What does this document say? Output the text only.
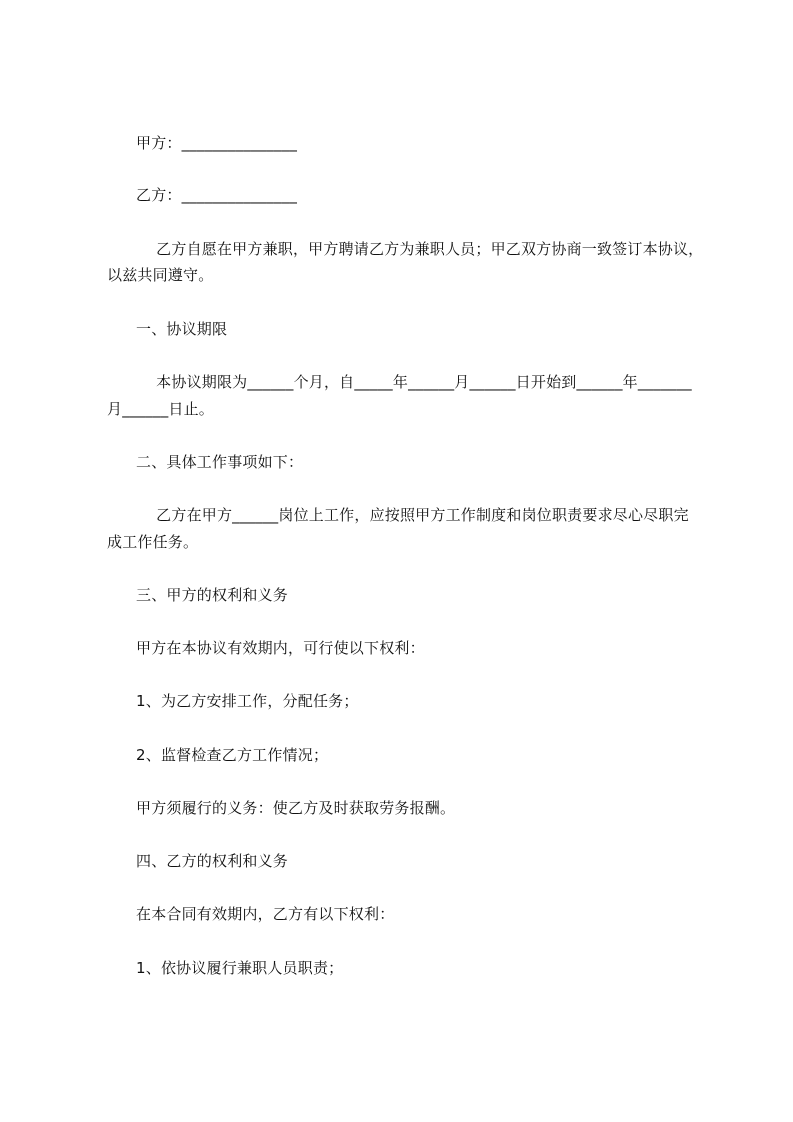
甲方：_______________
乙方：_______________
　 乙方自愿在甲方兼职，甲方聘请乙方为兼职人员；甲乙双方协商一致签订本协议，
以兹共同遵守。
一、协议期限
　 本协议期限为______个月，自_____年______月______日开始到______年_______
月______日止。
二、具体工作事项如下：
　 乙方在甲方______岗位上工作，应按照甲方工作制度和岗位职责要求尽心尽职完
成工作任务。
三、甲方的权利和义务
甲方在本协议有效期内，可行使以下权利：
1、为乙方安排工作，分配任务；
2、监督检查乙方工作情况；
甲方须履行的义务：使乙方及时获取劳务报酬。
四、乙方的权利和义务
在本合同有效期内，乙方有以下权利：
1、依协议履行兼职人员职责；
